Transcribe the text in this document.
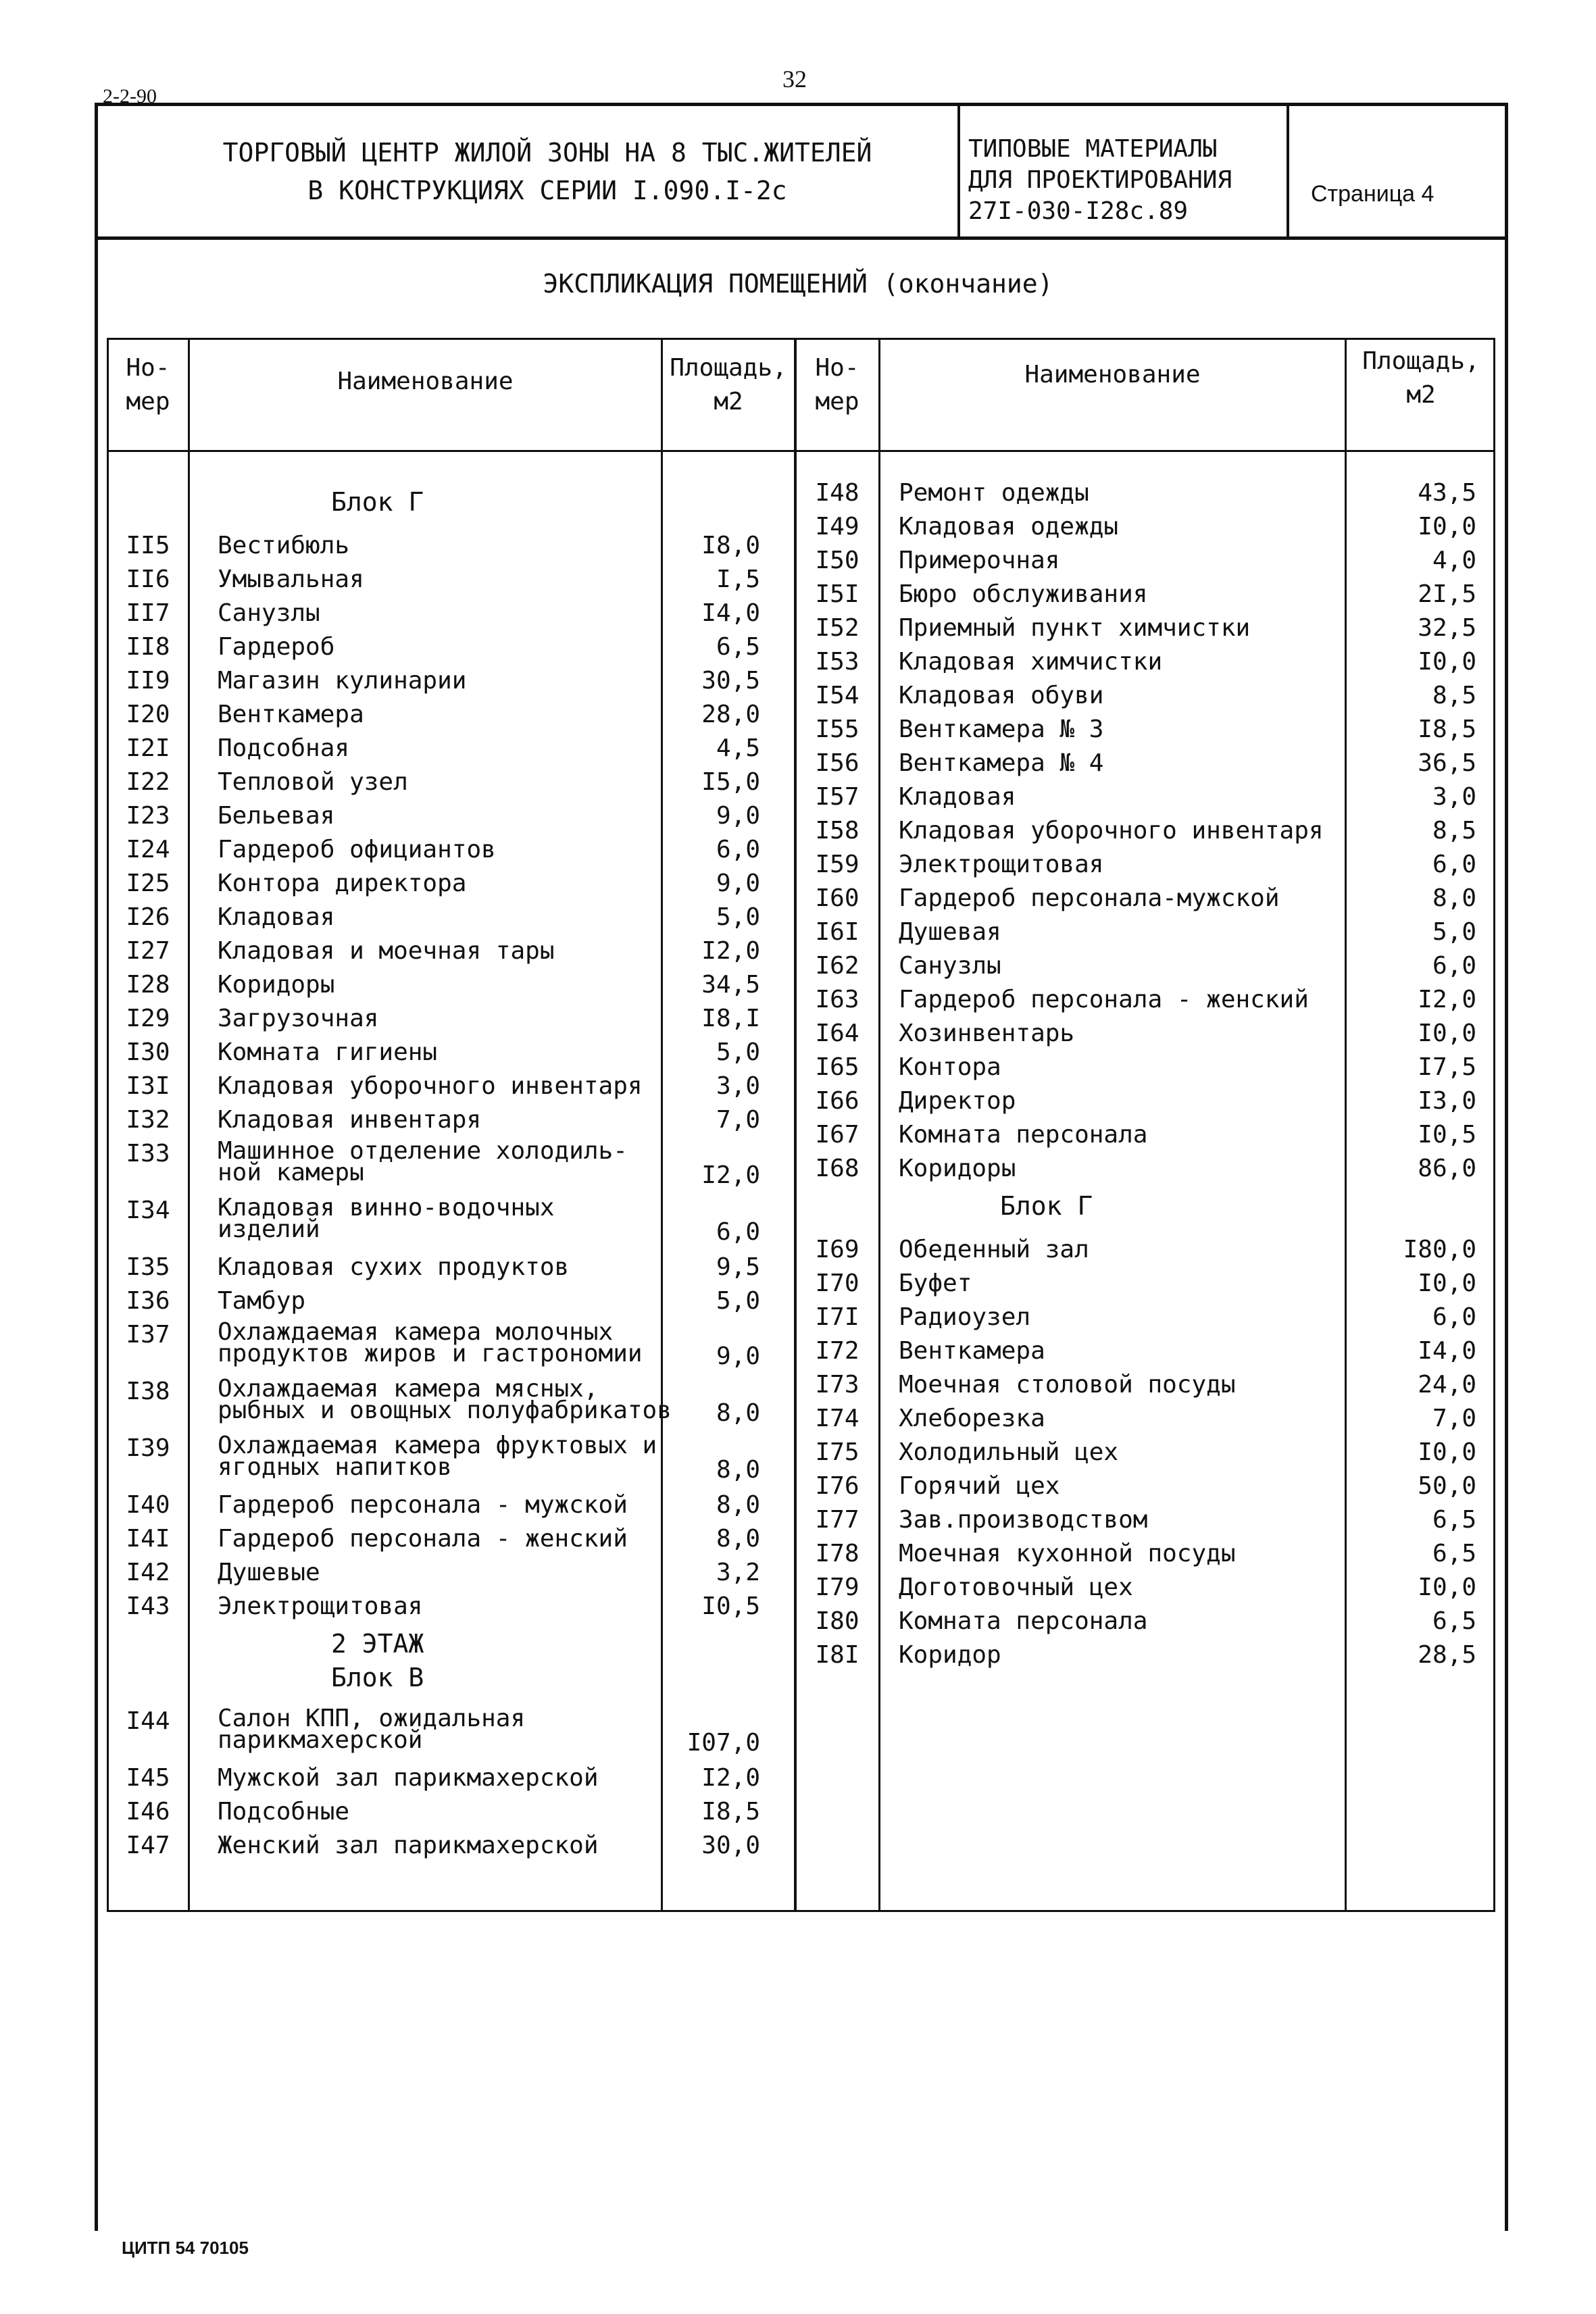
2-2-90
32
ТОРГОВЫЙ ЦЕНТР ЖИЛОЙ ЗОНЫ НА 8 ТЫС.ЖИТЕЛЕЙ
В КОНСТРУКЦИЯХ СЕРИИ I.090.I-2с
ТИПОВЫЕ МАТЕРИАЛЫ
ДЛЯ ПРОЕКТИРОВАНИЯ
27I-030-I28с.89
Страница 4
ЭКСПЛИКАЦИЯ ПОМЕЩЕНИЙ (окончание)
Но-
мер
Наименование	Площадь,
м2
Но-
мер
Наименование	Площадь,
м2
Блок Г
II5	Вестибюль	I8,0
II6	Умывальная	I,5
II7	Санузлы	I4,0
II8	Гардероб	6,5
II9	Магазин кулинарии	30,5
I20	Венткамера	28,0
I2I	Подсобная	4,5
I22	Тепловой узел	I5,0
I23	Бельевая	9,0
I24	Гардероб официантов	6,0
I25	Контора директора	9,0
I26	Кладовая	5,0
I27	Кладовая и моечная тары	I2,0
I28	Коридоры	34,5
I29	Загрузочная	I8,I
I30	Комната гигиены	5,0
I3I	Кладовая уборочного инвентаря	3,0
I32	Кладовая инвентаря	7,0
I33	Машинное отделение холодиль-
ной камеры	I2,0
I34	Кладовая винно-водочных
изделий	6,0
I35	Кладовая сухих продуктов	9,5
I36	Тамбур	5,0
I37	Охлаждаемая камера молочных
продуктов жиров и гастрономии	9,0
I38	Охлаждаемая камера мясных,
рыбных и овощных полуфабрикатов	8,0
I39	Охлаждаемая камера фруктовых и
ягодных напитков	8,0
I40	Гардероб персонала - мужской	8,0
I4I	Гардероб персонала - женский	8,0
I42	Душевые	3,2
I43	Электрощитовая	I0,5
2 ЭТАЖ
Блок В
I44	Салон КПП, ожидальная
парикмахерской	I07,0
I45	Мужской зал парикмахерской	I2,0
I46	Подсобные	I8,5
I47	Женский зал парикмахерской	30,0
I48	Ремонт одежды	43,5
I49	Кладовая одежды	I0,0
I50	Примерочная	4,0
I5I	Бюро обслуживания	2I,5
I52	Приемный пункт химчистки	32,5
I53	Кладовая химчистки	I0,0
I54	Кладовая обуви	8,5
I55	Венткамера № 3	I8,5
I56	Венткамера № 4	36,5
I57	Кладовая	3,0
I58	Кладовая уборочного инвентаря	8,5
I59	Электрощитовая	6,0
I60	Гардероб персонала-мужской	8,0
I6I	Душевая	5,0
I62	Санузлы	6,0
I63	Гардероб персонала - женский	I2,0
I64	Хозинвентарь	I0,0
I65	Контора	I7,5
I66	Директор	I3,0
I67	Комната персонала	I0,5
I68	Коридоры	86,0
Блок Г
I69	Обеденный зал	I80,0
I70	Буфет	I0,0
I7I	Радиоузел	6,0
I72	Венткамера	I4,0
I73	Моечная столовой посуды	24,0
I74	Хлеборезка	7,0
I75	Холодильный цех	I0,0
I76	Горячий цех	50,0
I77	Зав.производством	6,5
I78	Моечная кухонной посуды	6,5
I79	Доготовочный цех	I0,0
I80	Комната персонала	6,5
I8I	Коридор	28,5
ЦИТП 54 70105
